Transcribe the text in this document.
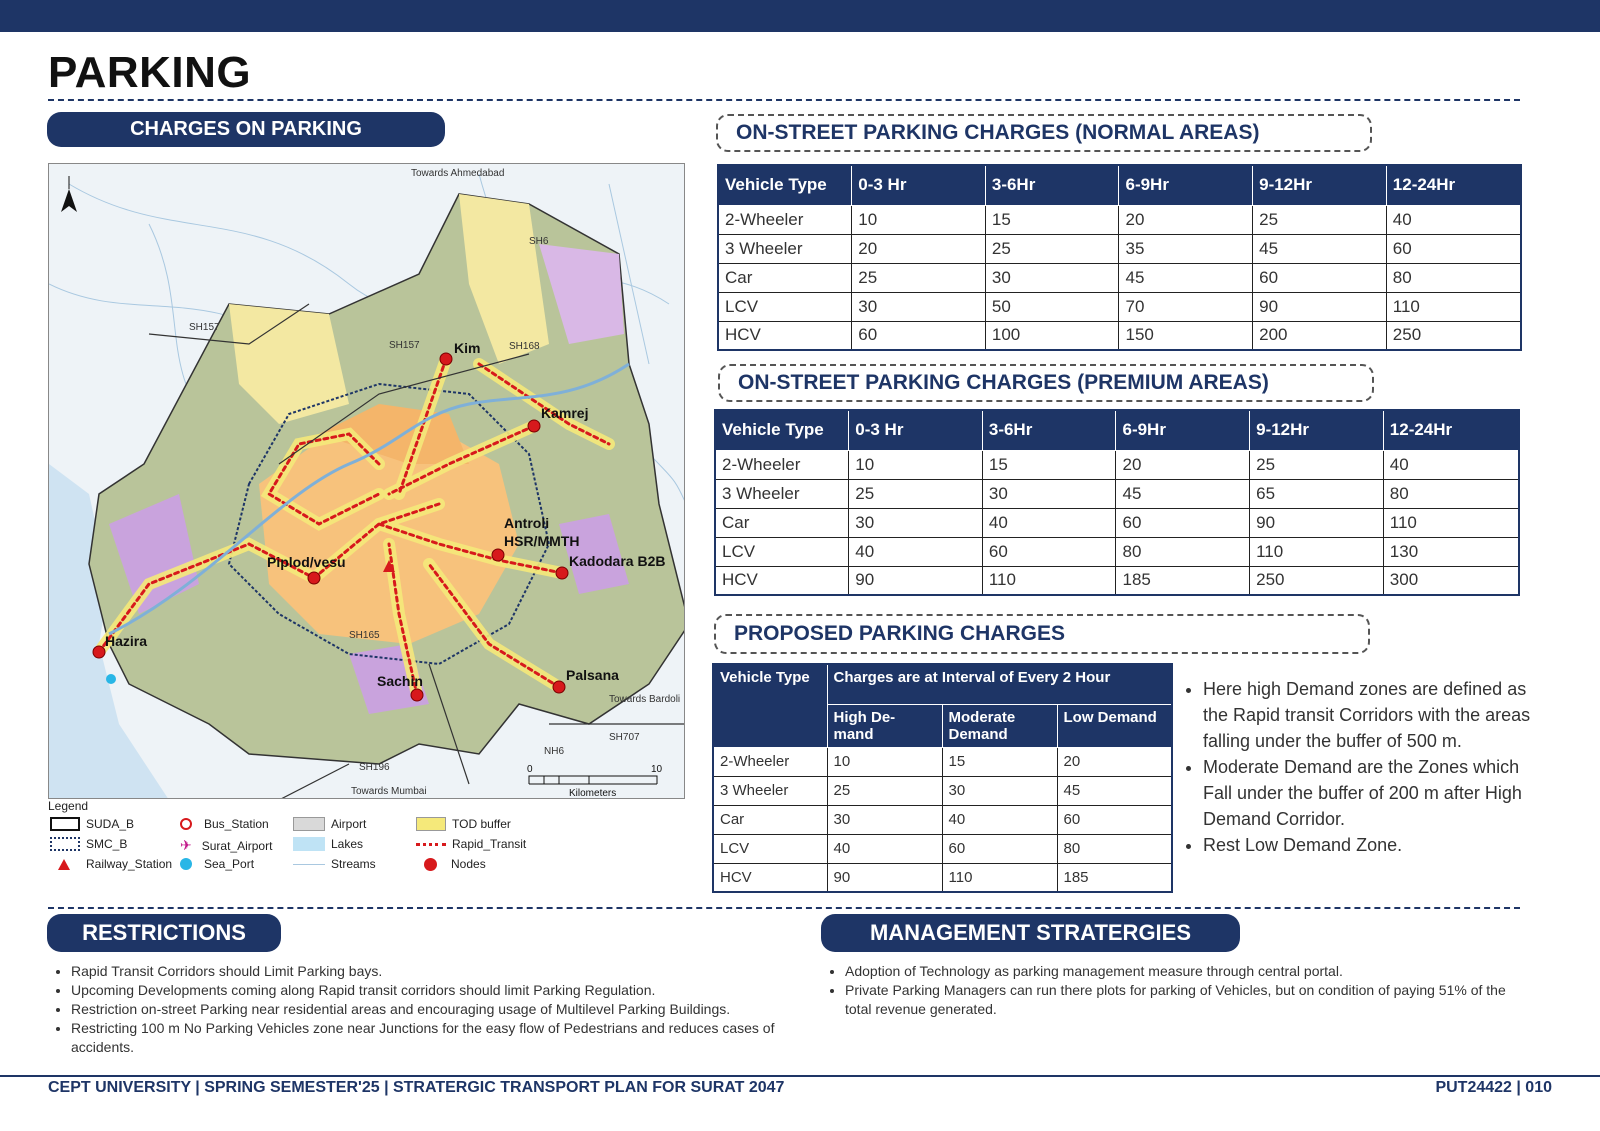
PARKING
CHARGES ON PARKING
Kim
Kamrej
Antroli
HSR/MMTH
Kadodara B2B
Piplod/vesu
Hazira
Sachin	Palsana
Towards Ahmedabad
Towards Mumbai
Towards Bardoli
SH157
SH157	SH168
SH165
SH196
SH707
NH6
SH6
0	10
Kilometers
Legend
SUDA_B
SMC_B
Railway_Station
Bus_Station
✈ Surat_Airport
Sea_Port
Airport
Lakes
Streams
TOD buffer
Rapid_Transit
Nodes
ON-STREET PARKING CHARGES (NORMAL AREAS)
Vehicle Type	0-3 Hr	3-6Hr	6-9Hr	9-12Hr	12-24Hr
2-Wheeler	10	15	20	25	40
3 Wheeler	20	25	35	45	60
Car	25	30	45	60	80
LCV	30	50	70	90	110
HCV	60	100	150	200	250
ON-STREET PARKING CHARGES (PREMIUM AREAS)
Vehicle Type	0-3 Hr	3-6Hr	6-9Hr	9-12Hr	12-24Hr
2-Wheeler	10	15	20	25	40
3 Wheeler	25	30	45	65	80
Car	30	40	60	90	110
LCV	40	60	80	110	130
HCV	90	110	185	250	300
PROPOSED PARKING CHARGES
Vehicle Type	Charges are at Interval of Every 2 Hour		
	High De- mand	Moderate Demand	Low Demand
2-Wheeler	10	15	20
3 Wheeler	25	30	45
Car	30	40	60
LCV	40	60	80
HCV	90	110	185
• Here high Demand zones are defined as the Rapid transit Corridors with the areas falling under the buffer of 500 m.
• Moderate Demand are the Zones which Fall under the buffer of 200 m after High Demand Corridor.
• Rest Low Demand Zone.
RESTRICTIONS
• Rapid Transit Corridors should Limit Parking bays.
• Upcoming Developments coming along Rapid transit corridors should limit Parking Regulation.
• Restriction on-street Parking near residential areas and encouraging usage of Multilevel Parking Buildings.
• Restricting 100 m No Parking Vehicles zone near Junctions for the easy flow of Pedestrians and reduces cases of accidents.
MANAGEMENT STRATERGIES
• Adoption of Technology as parking management measure through central portal.
• Private Parking Managers can run there plots for parking of Vehicles, but on condition of paying 51% of the total revenue generated.
CEPT UNIVERSITY | SPRING SEMESTER'25 | STRATERGIC TRANSPORT PLAN FOR SURAT 2047	PUT24422 | 010
